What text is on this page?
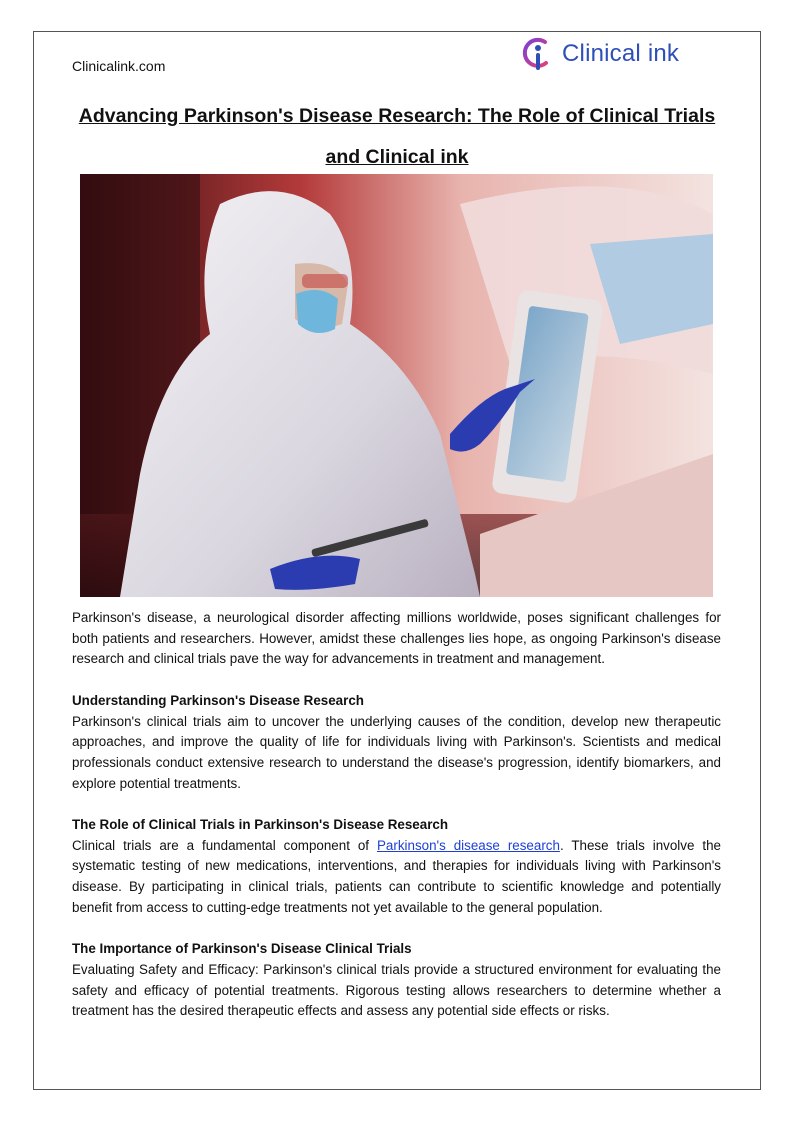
Clinicalink.com	Clinical ink
Advancing Parkinson's Disease Research: The Role of Clinical Trials and Clinical ink

Parkinson's disease, a neurological disorder affecting millions worldwide, poses significant challenges for both patients and researchers. However, amidst these challenges lies hope, as ongoing Parkinson's disease research and clinical trials pave the way for advancements in treatment and management.

Understanding Parkinson's Disease Research

Parkinson's clinical trials aim to uncover the underlying causes of the condition, develop new therapeutic approaches, and improve the quality of life for individuals living with Parkinson's. Scientists and medical professionals conduct extensive research to understand the disease's progression, identify biomarkers, and explore potential treatments.

The Role of Clinical Trials in Parkinson's Disease Research

Clinical trials are a fundamental component of Parkinson's disease research. These trials involve the systematic testing of new medications, interventions, and therapies for individuals living with Parkinson's disease. By participating in clinical trials, patients can contribute to scientific knowledge and potentially benefit from access to cutting-edge treatments not yet available to the general population.

The Importance of Parkinson's Disease Clinical Trials

Evaluating Safety and Efficacy: Parkinson's clinical trials provide a structured environment for evaluating the safety and efficacy of potential treatments. Rigorous testing allows researchers to determine whether a treatment has the desired therapeutic effects and assess any potential side effects or risks.
